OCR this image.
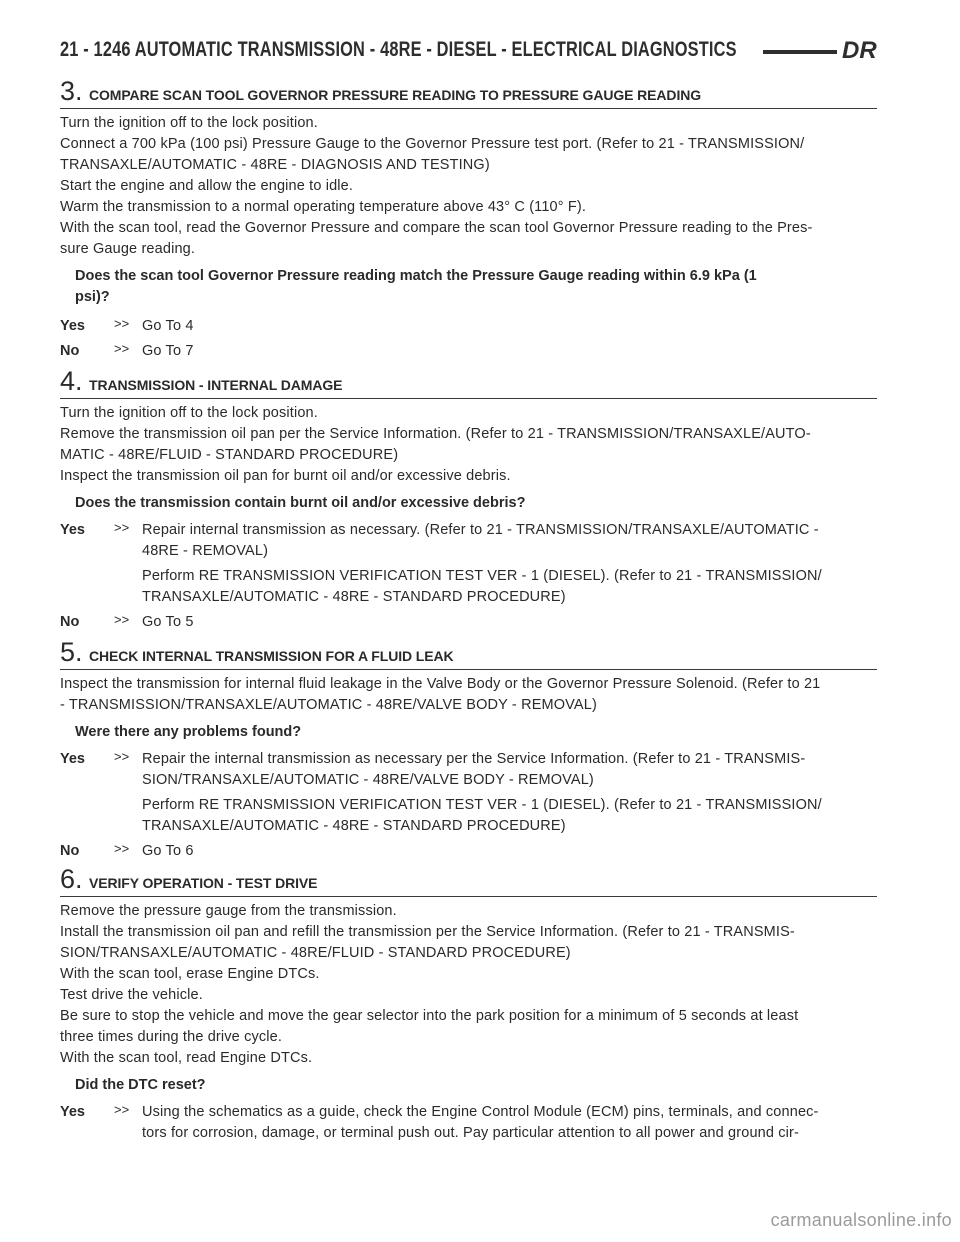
21 - 1246 AUTOMATIC TRANSMISSION - 48RE - DIESEL - ELECTRICAL DIAGNOSTICS	DR
3 . COMPARE SCAN TOOL GOVERNOR PRESSURE READING TO PRESSURE GAUGE READING

Turn the ignition off to the lock position.

Connect a 700 kPa (100 psi) Pressure Gauge to the Governor Pressure test port. (Refer to 21 - TRANSMISSION/

TRANSAXLE/AUTOMATIC - 48RE - DIAGNOSIS AND TESTING)

Start the engine and allow the engine to idle.

Warm the transmission to a normal operating temperature above 43° C (110° F).

With the scan tool, read the Governor Pressure and compare the scan tool Governor Pressure reading to the Pres-

sure Gauge reading.

Does the scan tool Governor Pressure reading match the Pressure Gauge reading within 6.9 kPa (1

psi)?

Yes >> Go To 4

No	>> Go To 7

4 . TRANSMISSION - INTERNAL DAMAGE

Turn the ignition off to the lock position.

Remove the transmission oil pan per the Service Information. (Refer to 21 - TRANSMISSION/TRANSAXLE/AUTO-

MATIC - 48RE/FLUID - STANDARD PROCEDURE)

Inspect the transmission oil pan for burnt oil and/or excessive debris.

Does the transmission contain burnt oil and/or excessive debris?

Yes >> Repair internal transmission as necessary. (Refer to 21 - TRANSMISSION/TRANSAXLE/AUTOMATIC -

48RE - REMOVAL)

Perform RE TRANSMISSION VERIFICATION TEST VER - 1 (DIESEL). (Refer to 21 - TRANSMISSION/

TRANSAXLE/AUTOMATIC - 48RE - STANDARD PROCEDURE)

No	>> Go To 5

5 . CHECK INTERNAL TRANSMISSION FOR A FLUID LEAK

Inspect the transmission for internal fluid leakage in the Valve Body or the Governor Pressure Solenoid. (Refer to 21

- TRANSMISSION/TRANSAXLE/AUTOMATIC - 48RE/VALVE BODY - REMOVAL)

Were there any problems found?

Yes >> Repair the internal transmission as necessary per the Service Information. (Refer to 21 - TRANSMIS-

SION/TRANSAXLE/AUTOMATIC - 48RE/VALVE BODY - REMOVAL)

Perform RE TRANSMISSION VERIFICATION TEST VER - 1 (DIESEL). (Refer to 21 - TRANSMISSION/

TRANSAXLE/AUTOMATIC - 48RE - STANDARD PROCEDURE)

No	>> Go To 6

6 . VERIFY OPERATION - TEST DRIVE

Remove the pressure gauge from the transmission.

Install the transmission oil pan and refill the transmission per the Service Information. (Refer to 21 - TRANSMIS-

SION/TRANSAXLE/AUTOMATIC - 48RE/FLUID - STANDARD PROCEDURE)

With the scan tool, erase Engine DTCs.

Test drive the vehicle.

Be sure to stop the vehicle and move the gear selector into the park position for a minimum of 5 seconds at least

three times during the drive cycle.

With the scan tool, read Engine DTCs.

Did the DTC reset?

Yes >> Using the schematics as a guide, check the Engine Control Module (ECM) pins, terminals, and connec-

tors for corrosion, damage, or terminal push out. Pay particular attention to all power and ground cir-

carmanualsonline.info
